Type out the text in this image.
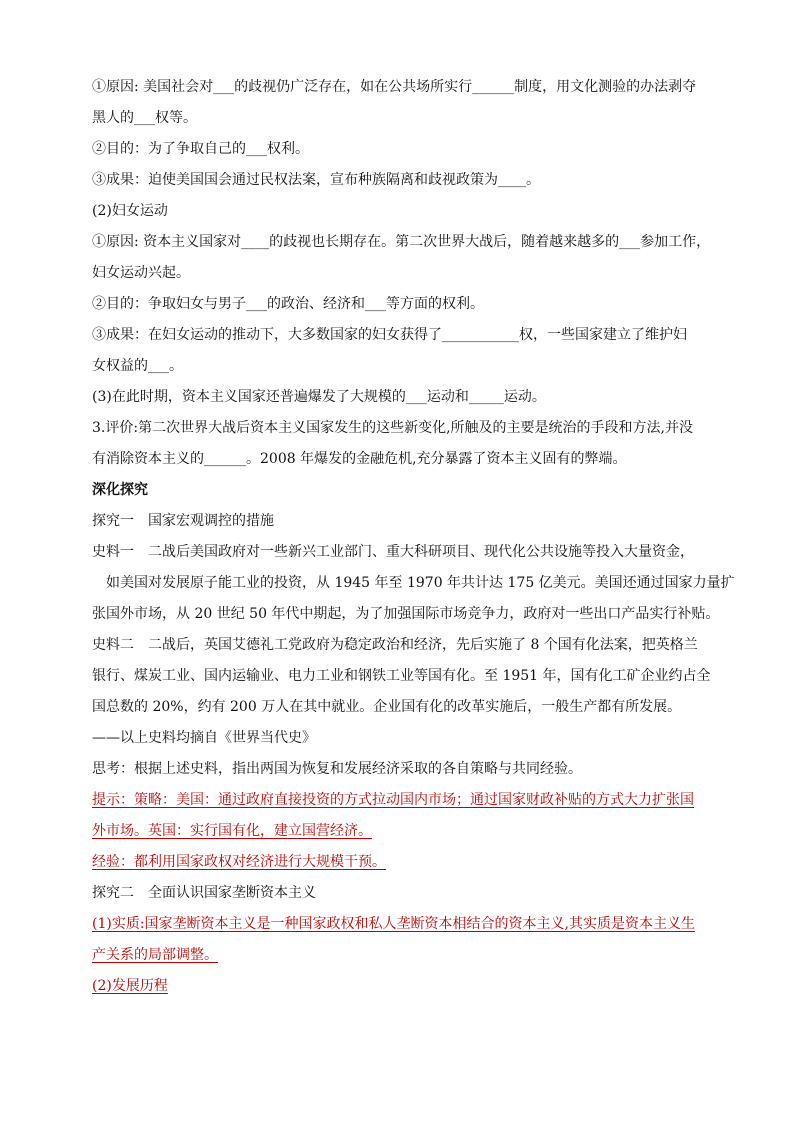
①原因: 美国社会对___的歧视仍广泛存在，如在公共场所实行______制度，用文化测验的办法剥夺
黑人的___权等。
②目的：为了争取自己的___权利。
③成果：迫使美国国会通过民权法案，宣布种族隔离和歧视政策为____。
(2)妇女运动
①原因: 资本主义国家对____的歧视也长期存在。第二次世界大战后，随着越来越多的___参加工作，
妇女运动兴起。
②目的：争取妇女与男子___的政治、经济和___等方面的权利。
③成果：在妇女运动的推动下，大多数国家的妇女获得了___________权，一些国家建立了维护妇
女权益的___。
(3)在此时期，资本主义国家还普遍爆发了大规模的___运动和_____运动。
3.评价:第二次世界大战后资本主义国家发生的这些新变化,所触及的主要是统治的手段和方法,并没
有消除资本主义的______。2008 年爆发的金融危机,充分暴露了资本主义固有的弊端。
深化探究
探究一　国家宏观调控的措施
史料一　二战后美国政府对一些新兴工业部门、重大科研项目、现代化公共设施等投入大量资金，
如美国对发展原子能工业的投资，从 1945 年至 1970 年共计达 175 亿美元。美国还通过国家力量扩
张国外市场，从 20 世纪 50 年代中期起，为了加强国际市场竞争力，政府对一些出口产品实行补贴。
史料二　二战后，英国艾德礼工党政府为稳定政治和经济，先后实施了 8 个国有化法案，把英格兰
银行、煤炭工业、国内运输业、电力工业和钢铁工业等国有化。至 1951 年，国有化工矿企业约占全
国总数的 20%，约有 200 万人在其中就业。企业国有化的改革实施后，一般生产都有所发展。
——以上史料均摘自《世界当代史》
思考：根据上述史料，指出两国为恢复和发展经济采取的各自策略与共同经验。
提示：策略：美国：通过政府直接投资的方式拉动国内市场；通过国家财政补贴的方式大力扩张国
外市场。英国：实行国有化，建立国营经济。
经验：都利用国家政权对经济进行大规模干预。
探究二　全面认识国家垄断资本主义
(1)实质:国家垄断资本主义是一种国家政权和私人垄断资本相结合的资本主义,其实质是资本主义生
产关系的局部调整。
(2)发展历程
